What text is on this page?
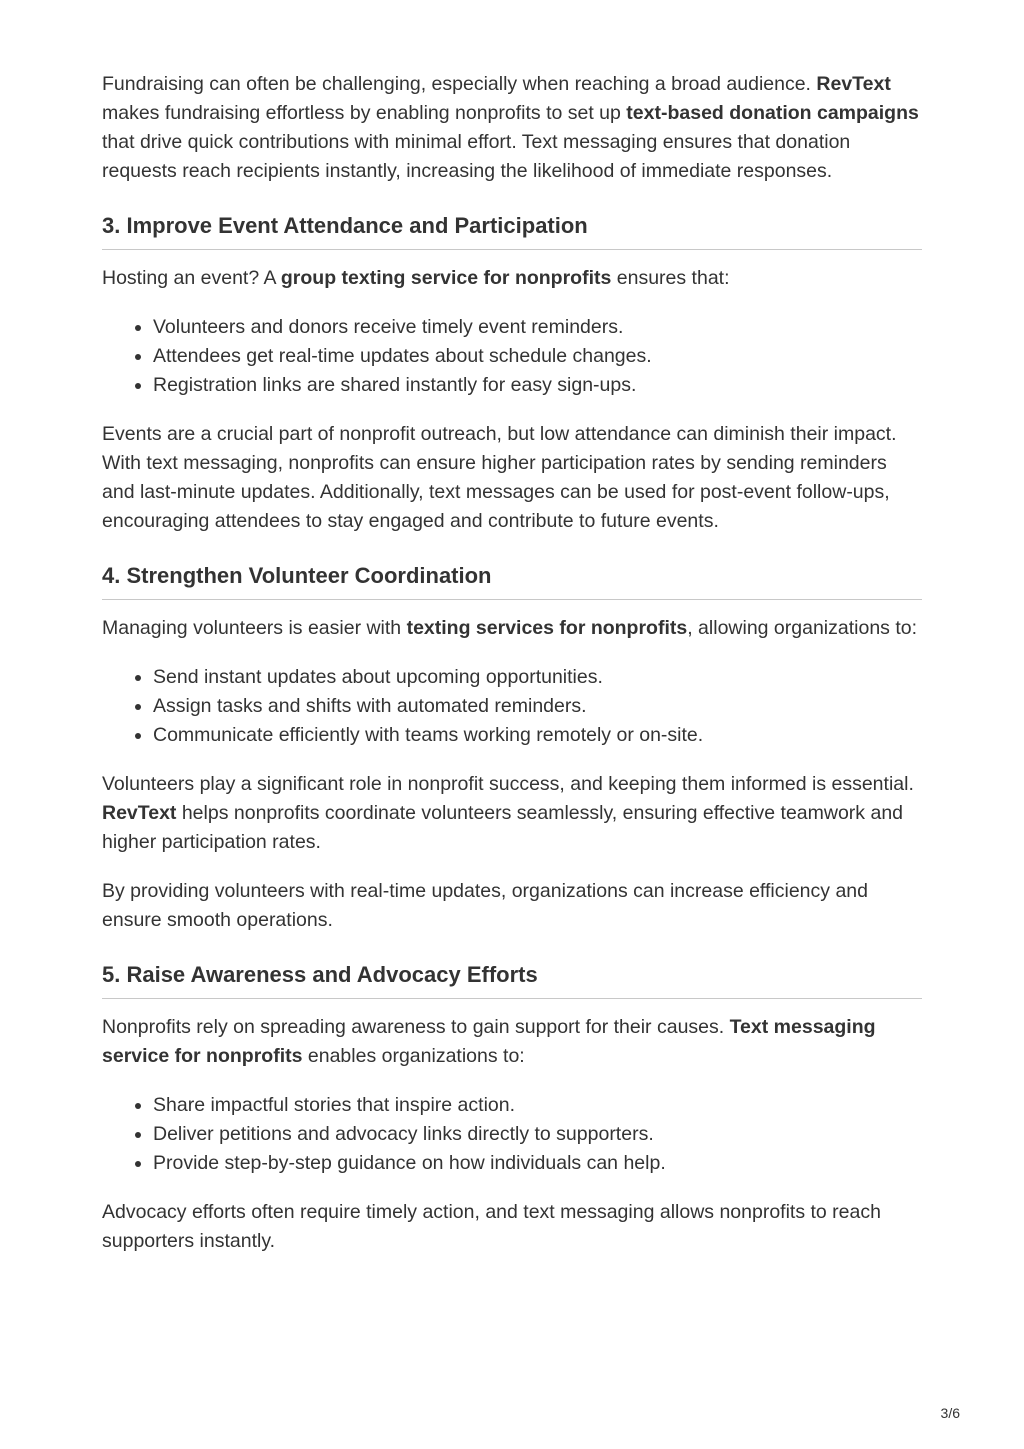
Fundraising can often be challenging, especially when reaching a broad audience. RevText makes fundraising effortless by enabling nonprofits to set up text-based donation campaigns that drive quick contributions with minimal effort. Text messaging ensures that donation requests reach recipients instantly, increasing the likelihood of immediate responses.

3. Improve Event Attendance and Participation

Hosting an event? A group texting service for nonprofits ensures that:

• Volunteers and donors receive timely event reminders.
• Attendees get real-time updates about schedule changes.
• Registration links are shared instantly for easy sign-ups.

Events are a crucial part of nonprofit outreach, but low attendance can diminish their impact. With text messaging, nonprofits can ensure higher participation rates by sending reminders and last-minute updates. Additionally, text messages can be used for post-event follow-ups, encouraging attendees to stay engaged and contribute to future events.

4. Strengthen Volunteer Coordination

Managing volunteers is easier with texting services for nonprofits, allowing organizations to:

• Send instant updates about upcoming opportunities.
• Assign tasks and shifts with automated reminders.
• Communicate efficiently with teams working remotely or on-site.

Volunteers play a significant role in nonprofit success, and keeping them informed is essential. RevText helps nonprofits coordinate volunteers seamlessly, ensuring effective teamwork and higher participation rates.

By providing volunteers with real-time updates, organizations can increase efficiency and ensure smooth operations.

5. Raise Awareness and Advocacy Efforts

Nonprofits rely on spreading awareness to gain support for their causes. Text messaging service for nonprofits enables organizations to:

• Share impactful stories that inspire action.
• Deliver petitions and advocacy links directly to supporters.
• Provide step-by-step guidance on how individuals can help.

Advocacy efforts often require timely action, and text messaging allows nonprofits to reach supporters instantly.

3/6
